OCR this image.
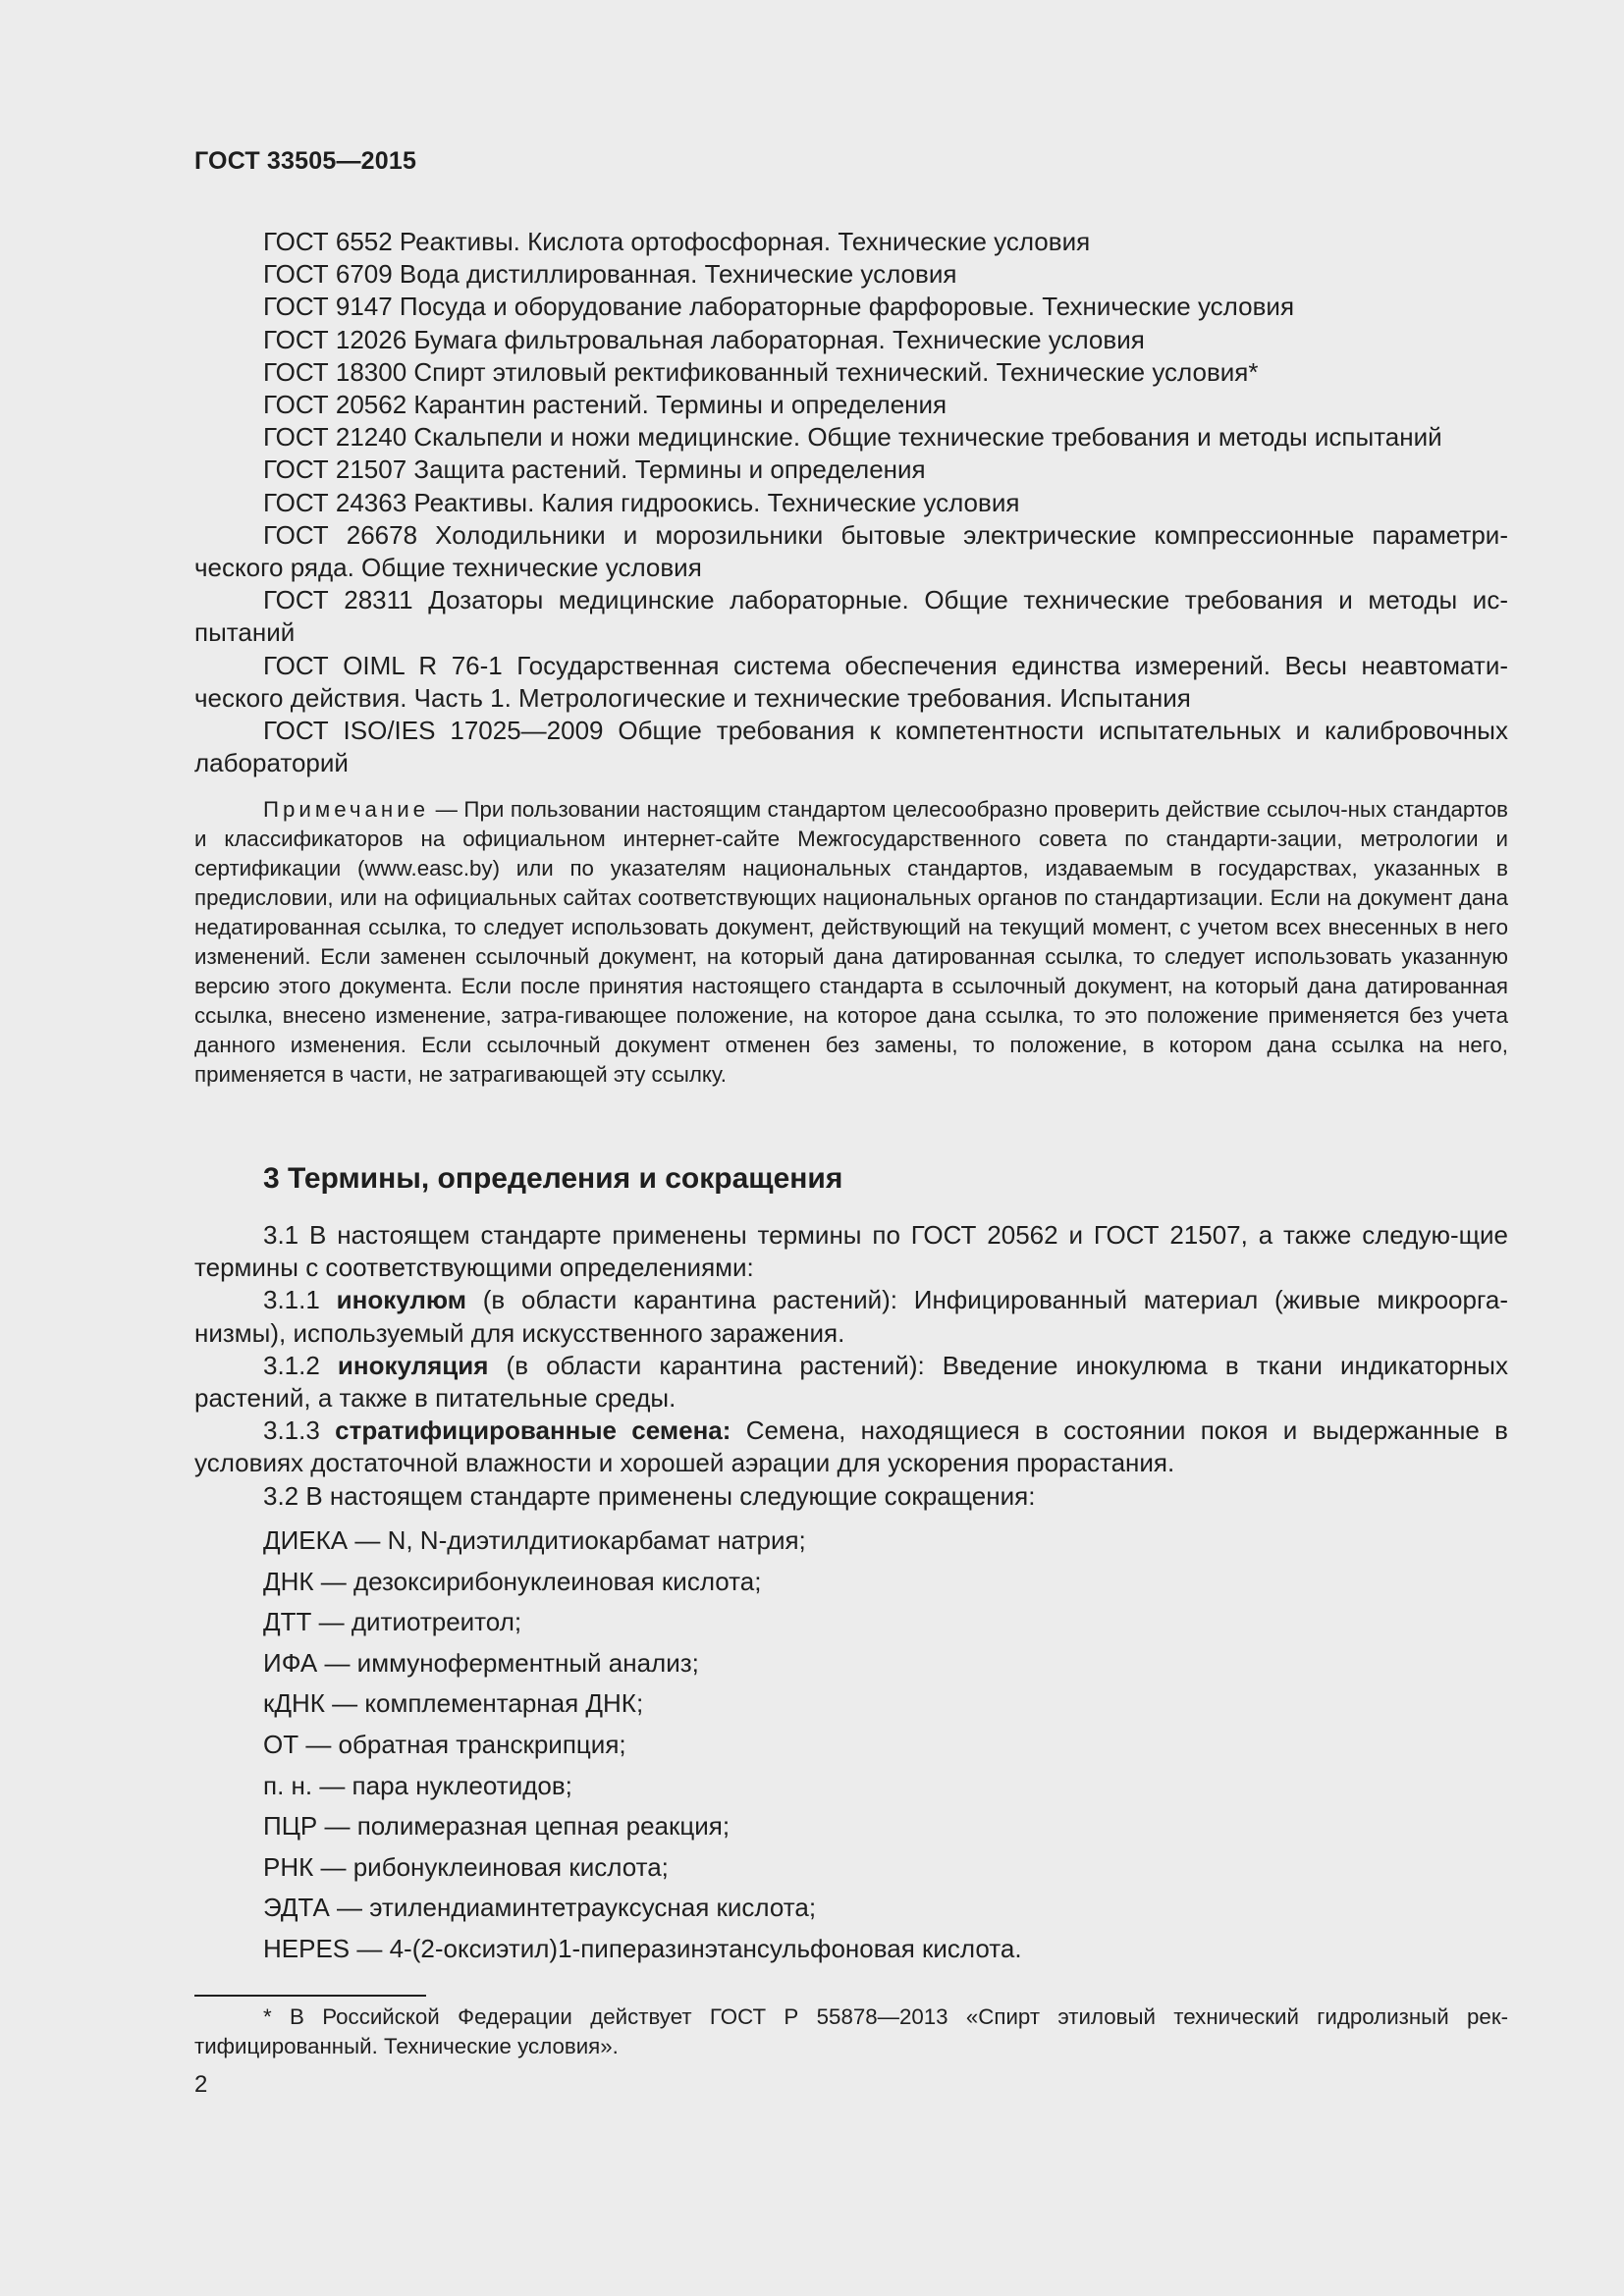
ГОСТ 33505—2015
ГОСТ 6552 Реактивы. Кислота ортофосфорная. Технические условия
ГОСТ 6709 Вода дистиллированная. Технические условия
ГОСТ 9147 Посуда и оборудование лабораторные фарфоровые. Технические условия
ГОСТ 12026 Бумага фильтровальная лабораторная. Технические условия
ГОСТ 18300 Спирт этиловый ректификованный технический. Технические условия*
ГОСТ 20562 Карантин растений. Термины и определения
ГОСТ 21240 Скальпели и ножи медицинские. Общие технические требования и методы испытаний
ГОСТ 21507 Защита растений. Термины и определения
ГОСТ 24363 Реактивы. Калия гидроокись. Технические условия
ГОСТ 26678 Холодильники и морозильники бытовые электрические компрессионные параметри-ческого ряда. Общие технические условия
ГОСТ 28311 Дозаторы медицинские лабораторные. Общие технические требования и методы ис-пытаний
ГОСТ OIML R 76-1 Государственная система обеспечения единства измерений. Весы неавтомати-ческого действия. Часть 1. Метрологические и технические требования. Испытания
ГОСТ ISO/IES 17025—2009 Общие требования к компетентности испытательных и калибровочных лабораторий
Примечание — При пользовании настоящим стандартом целесообразно проверить действие ссылоч-ных стандартов и классификаторов на официальном интернет-сайте Межгосударственного совета по стандарти-зации, метрологии и сертификации (www.easc.by) или по указателям национальных стандартов, издаваемым в государствах, указанных в предисловии, или на официальных сайтах соответствующих национальных органов по стандартизации. Если на документ дана недатированная ссылка, то следует использовать документ, действующий на текущий момент, с учетом всех внесенных в него изменений. Если заменен ссылочный документ, на который дана датированная ссылка, то следует использовать указанную версию этого документа. Если после принятия настоящего стандарта в ссылочный документ, на который дана датированная ссылка, внесено изменение, затра-гивающее положение, на которое дана ссылка, то это положение применяется без учета данного изменения. Если ссылочный документ отменен без замены, то положение, в котором дана ссылка на него, применяется в части, не затрагивающей эту ссылку.
3 Термины, определения и сокращения
3.1 В настоящем стандарте применены термины по ГОСТ 20562 и ГОСТ 21507, а также следую-щие термины с соответствующими определениями:
3.1.1 инокулюм (в области карантина растений): Инфицированный материал (живые микроорга-низмы), используемый для искусственного заражения.
3.1.2 инокуляция (в области карантина растений): Введение инокулюма в ткани индикаторных растений, а также в питательные среды.
3.1.3 стратифицированные семена: Семена, находящиеся в состоянии покоя и выдержанные в условиях достаточной влажности и хорошей аэрации для ускорения прорастания.
3.2 В настоящем стандарте применены следующие сокращения:
ДИЕКА — N, N-диэтилдитиокарбамат натрия;
ДНК — дезоксирибонуклеиновая кислота;
ДТТ — дитиотреитол;
ИФА — иммуноферментный анализ;
кДНК — комплементарная ДНК;
ОТ — обратная транскрипция;
п. н. — пара нуклеотидов;
ПЦР — полимеразная цепная реакция;
РНК — рибонуклеиновая кислота;
ЭДТА — этилендиаминтетрауксусная кислота;
HEPES — 4-(2-оксиэтил)1-пиперазинэтансульфоновая кислота.
* В Российской Федерации действует ГОСТ Р 55878—2013 «Спирт этиловый технический гидролизный рек-тифицированный. Технические условия».
2
